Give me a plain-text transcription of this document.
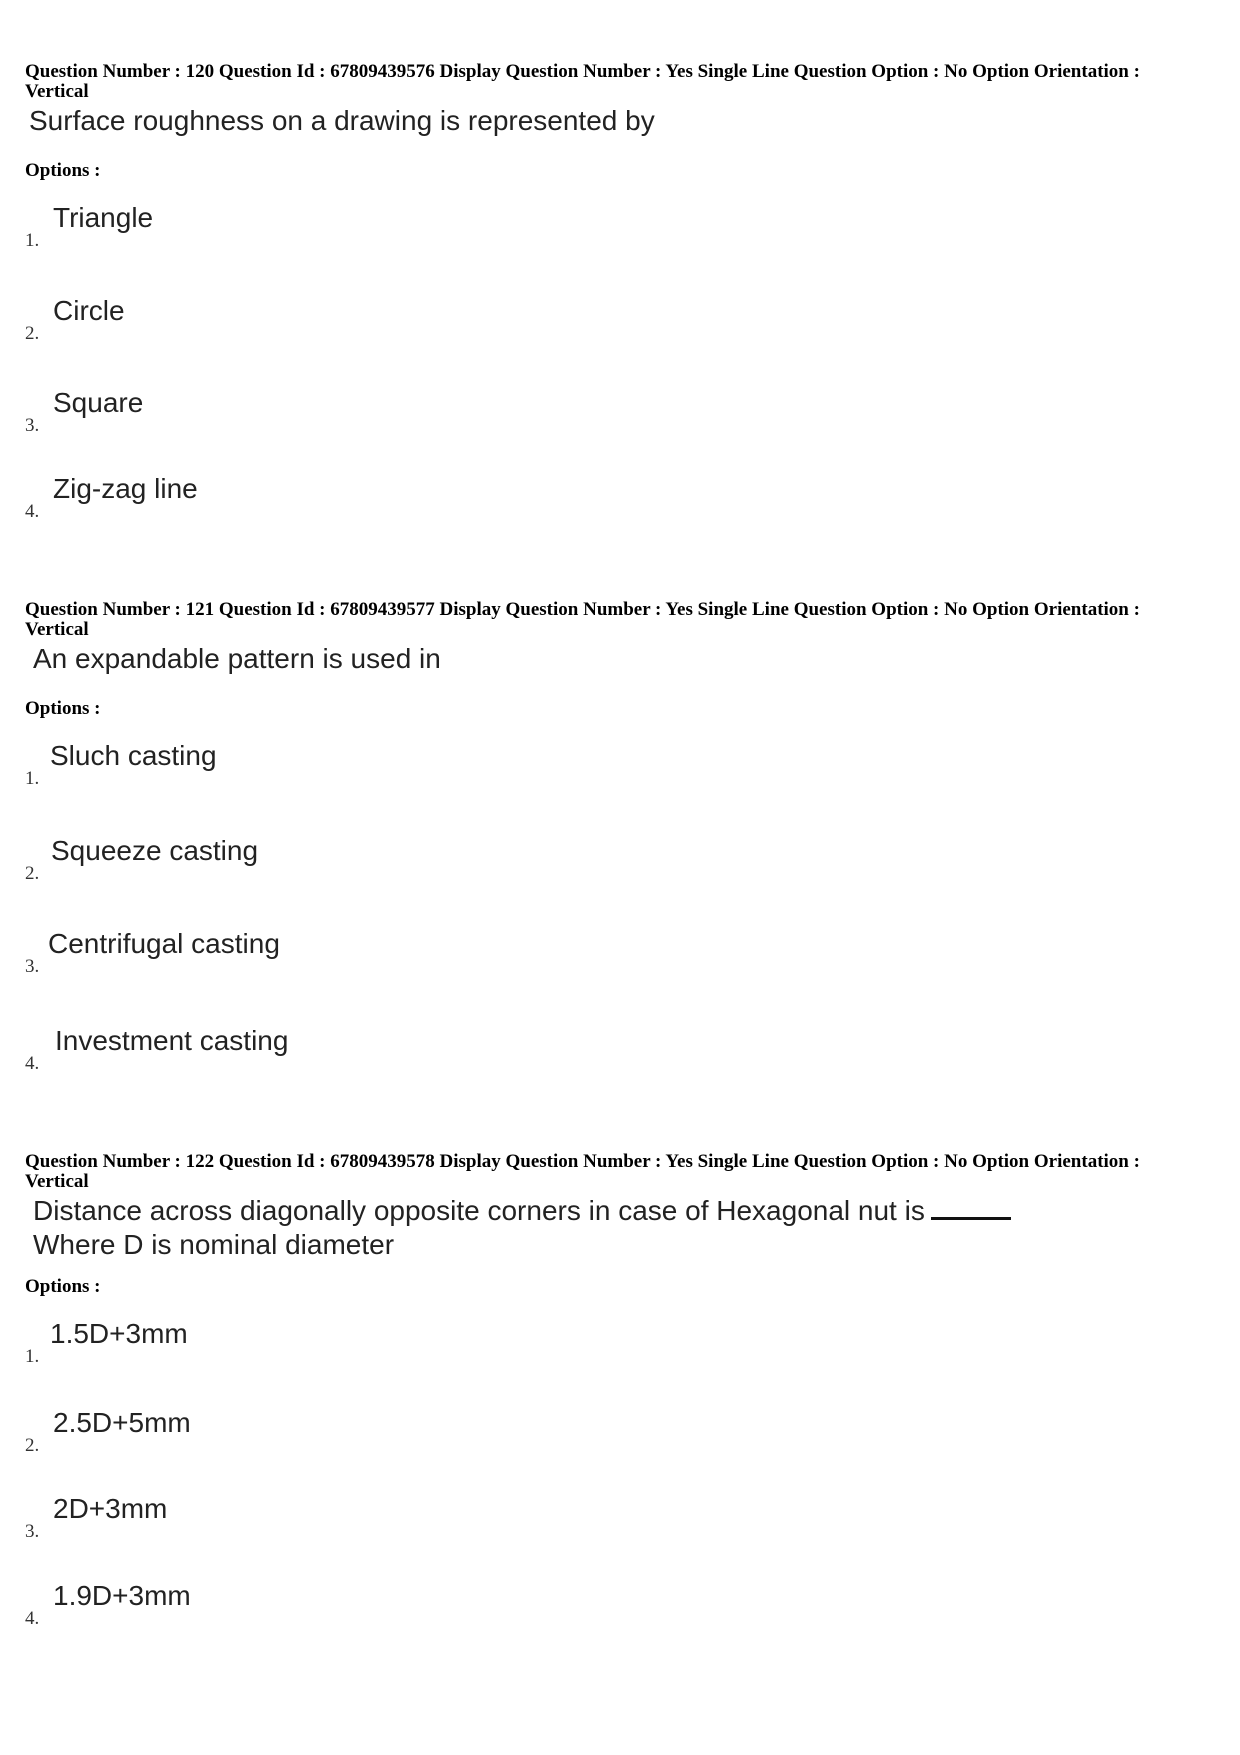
Question Number : 120 Question Id : 67809439576 Display Question Number : Yes Single Line Question Option : No Option Orientation : Vertical

Surface roughness on a drawing is represented by
Options :
1.
Triangle
2.
Circle
3.
Square
4.
Zig-zag line

Question Number : 121 Question Id : 67809439577 Display Question Number : Yes Single Line Question Option : No Option Orientation : Vertical

An expandable pattern is used in
Options :
1.
Sluch casting
2.
Squeeze casting
3.
Centrifugal casting
4.
Investment casting

Question Number : 122 Question Id : 67809439578 Display Question Number : Yes Single Line Question Option : No Option Orientation : Vertical

Distance across diagonally opposite corners in case of Hexagonal nut is
Where D is nominal diameter
Options :
1.
1.5D+3mm
2.
2.5D+5mm
3.
2D+3mm
4.
1.9D+3mm
